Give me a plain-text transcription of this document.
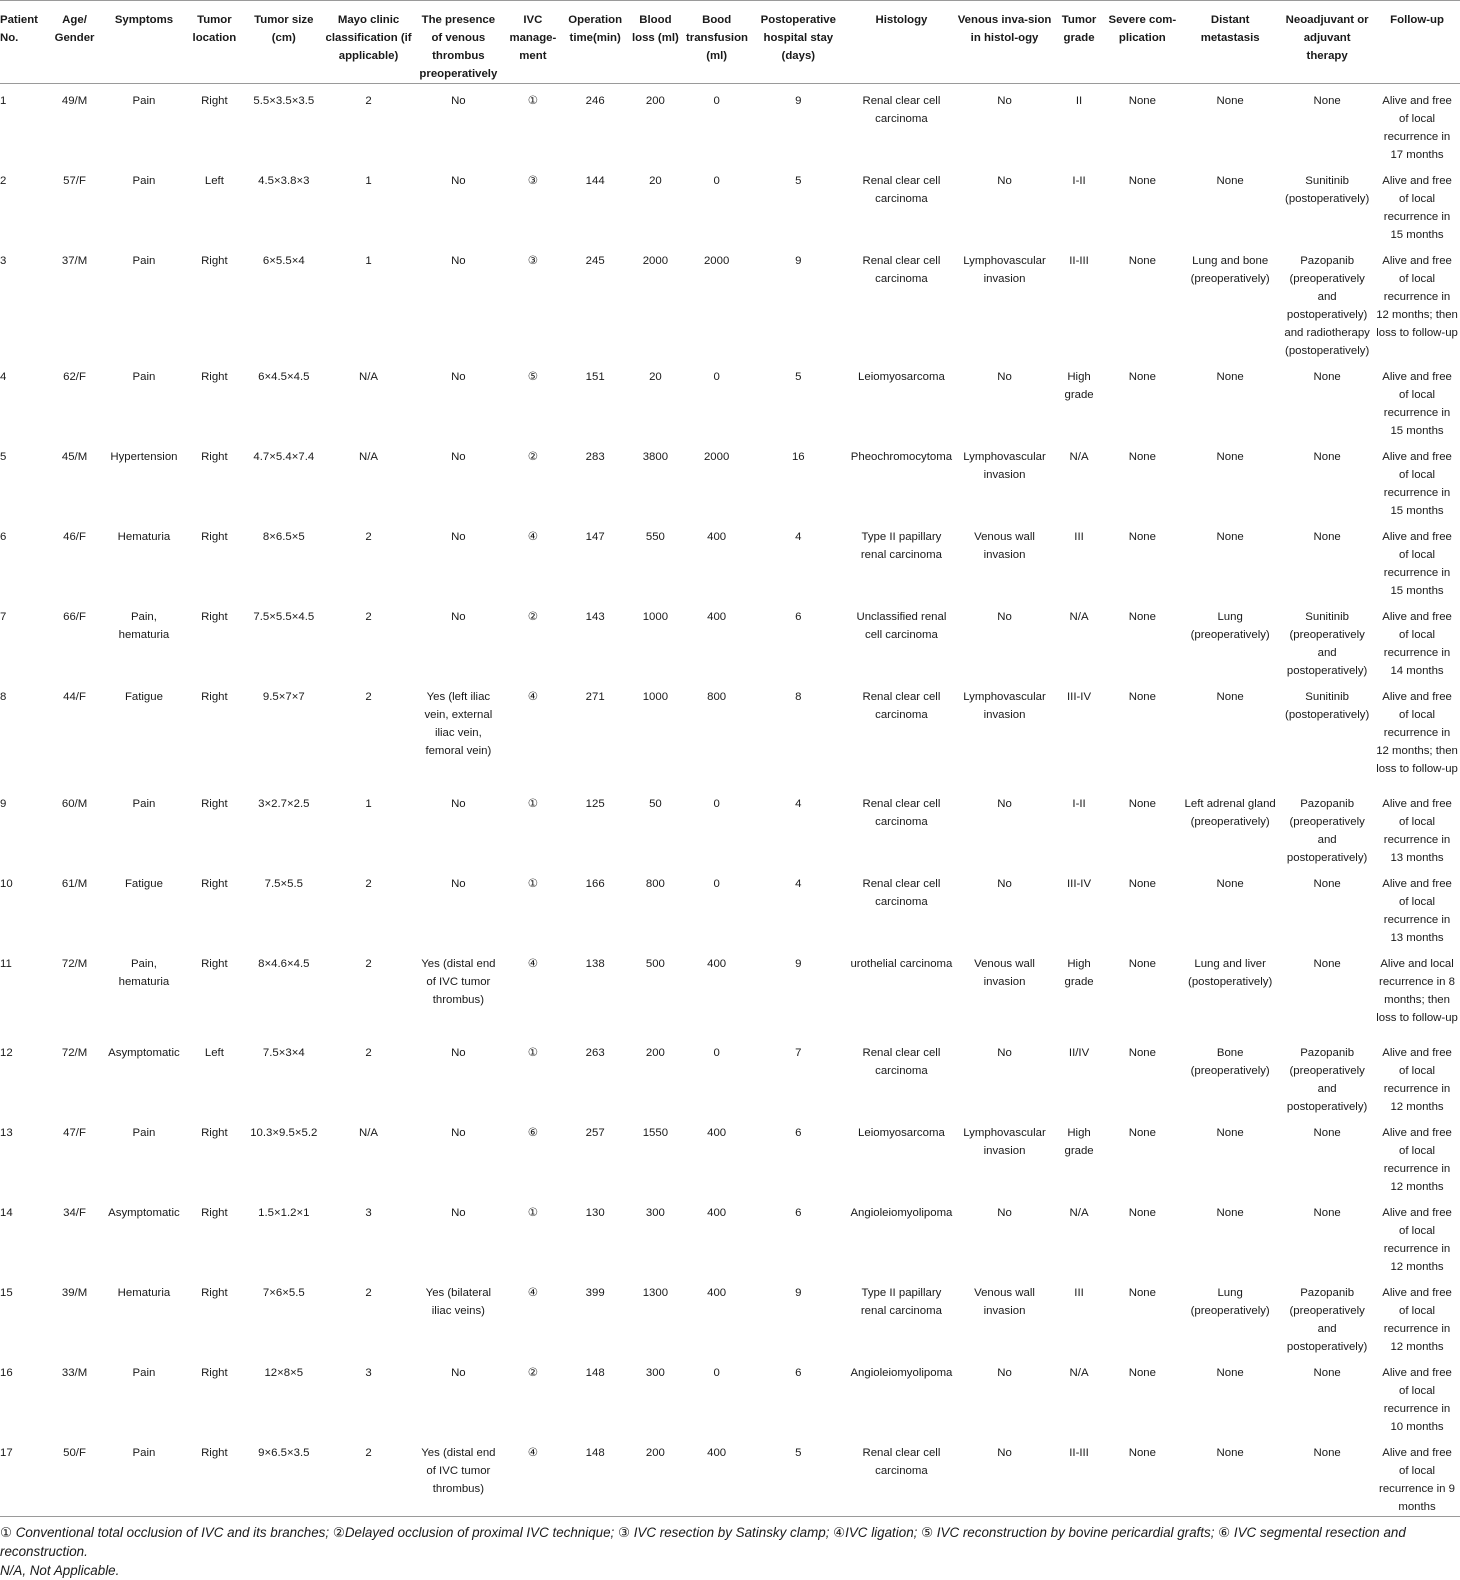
Patient No.	Age/ Gender	Symptoms	Tumor location	Tumor size (cm)	Mayo clinic classification (if applicable)	The presence of venous thrombus preoperatively	IVC manage-ment	Operation time(min)	Blood loss (ml)	Bood transfusion (ml)	Postoperative hospital stay (days)	Histology	Venous inva-sion in histol-ogy	Tumor grade	Severe com-plication	Distant metastasis	Neoadjuvant or adjuvant therapy	Follow-up
1	49/M	Pain	Right	5.5×3.5×3.5	2	No	①	246	200	0	9	Renal clear cell carcinoma	No	II	None	None	None	Alive and free of local recurrence in 17 months
2	57/F	Pain	Left	4.5×3.8×3	1	No	③	144	20	0	5	Renal clear cell carcinoma	No	I-II	None	None	Sunitinib (postoperatively)	Alive and free of local recurrence in 15 months
3	37/M	Pain	Right	6×5.5×4	1	No	③	245	2000	2000	9	Renal clear cell carcinoma	Lymphovascular invasion	II-III	None	Lung and bone (preoperatively)	Pazopanib (preoperatively and postoperatively) and radiotherapy (postoperatively)	Alive and free of local recurrence in 12 months; then loss to follow-up
4	62/F	Pain	Right	6×4.5×4.5	N/A	No	⑤	151	20	0	5	Leiomyosarcoma	No	High grade	None	None	None	Alive and free of local recurrence in 15 months
5	45/M	Hypertension	Right	4.7×5.4×7.4	N/A	No	②	283	3800	2000	16	Pheochromocytoma	Lymphovascular invasion	N/A	None	None	None	Alive and free of local recurrence in 15 months
6	46/F	Hematuria	Right	8×6.5×5	2	No	④	147	550	400	4	Type II papillary renal carcinoma	Venous wall invasion	III	None	None	None	Alive and free of local recurrence in 15 months
7	66/F	Pain, hematuria	Right	7.5×5.5×4.5	2	No	②	143	1000	400	6	Unclassified renal cell carcinoma	No	N/A	None	Lung (preoperatively)	Sunitinib (preoperatively and postoperatively)	Alive and free of local recurrence in 14 months
8	44/F	Fatigue	Right	9.5×7×7	2	Yes (left iliac vein, external iliac vein, femoral vein)	④	271	1000	800	8	Renal clear cell carcinoma	Lymphovascular invasion	III-IV	None	None	Sunitinib (postoperatively)	Alive and free of local recurrence in 12 months; then loss to follow-up
9	60/M	Pain	Right	3×2.7×2.5	1	No	①	125	50	0	4	Renal clear cell carcinoma	No	I-II	None	Left adrenal gland (preoperatively)	Pazopanib (preoperatively and postoperatively)	Alive and free of local recurrence in 13 months
10	61/M	Fatigue	Right	7.5×5.5	2	No	①	166	800	0	4	Renal clear cell carcinoma	No	III-IV	None	None	None	Alive and free of local recurrence in 13 months
11	72/M	Pain, hematuria	Right	8×4.6×4.5	2	Yes (distal end of IVC tumor thrombus)	④	138	500	400	9	urothelial carcinoma	Venous wall invasion	High grade	None	Lung and liver (postoperatively)	None	Alive and local recurrence in 8 months; then loss to follow-up
12	72/M	Asymptomatic	Left	7.5×3×4	2	No	①	263	200	0	7	Renal clear cell carcinoma	No	II/IV	None	Bone (preoperatively)	Pazopanib (preoperatively and postoperatively)	Alive and free of local recurrence in 12 months
13	47/F	Pain	Right	10.3×9.5×5.2	N/A	No	⑥	257	1550	400	6	Leiomyosarcoma	Lymphovascular invasion	High grade	None	None	None	Alive and free of local recurrence in 12 months
14	34/F	Asymptomatic	Right	1.5×1.2×1	3	No	①	130	300	400	6	Angioleiomyolipoma	No	N/A	None	None	None	Alive and free of local recurrence in 12 months
15	39/M	Hematuria	Right	7×6×5.5	2	Yes (bilateral iliac veins)	④	399	1300	400	9	Type II papillary renal carcinoma	Venous wall invasion	III	None	Lung (preoperatively)	Pazopanib (preoperatively and postoperatively)	Alive and free of local recurrence in 12 months
16	33/M	Pain	Right	12×8×5	3	No	②	148	300	0	6	Angioleiomyolipoma	No	N/A	None	None	None	Alive and free of local recurrence in 10 months
17	50/F	Pain	Right	9×6.5×3.5	2	Yes (distal end of IVC tumor thrombus)	④	148	200	400	5	Renal clear cell carcinoma	No	II-III	None	None	None	Alive and free of local recurrence in 9 months

① Conventional total occlusion of IVC and its branches; ②Delayed occlusion of proximal IVC technique; ③ IVC resection by Satinsky clamp; ④IVC ligation; ⑤ IVC reconstruction by bovine pericardial grafts; ⑥ IVC segmental resection and reconstruction.

N/A, Not Applicable.
